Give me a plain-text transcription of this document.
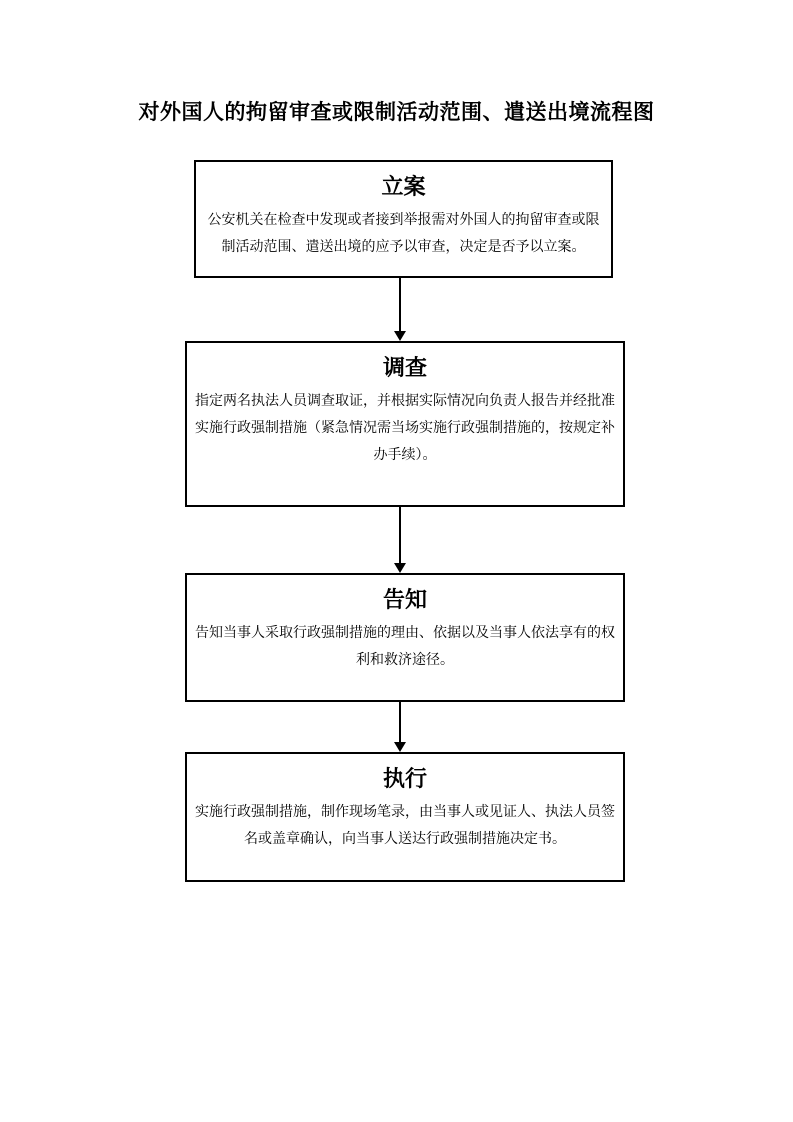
对外国人的拘留审查或限制活动范围、遣送出境流程图
立案
公安机关在检查中发现或者接到举报需对外国人的拘留审查或限制活动范围、遣送出境的应予以审查，决定是否予以立案。
调查
指定两名执法人员调查取证，并根据实际情况向负责人报告并经批准实施行政强制措施（紧急情况需当场实施行政强制措施的，按规定补办手续）。
告知
告知当事人采取行政强制措施的理由、依据以及当事人依法享有的权利和救济途径。
执行
实施行政强制措施，制作现场笔录，由当事人或见证人、执法人员签名或盖章确认，向当事人送达行政强制措施决定书。
